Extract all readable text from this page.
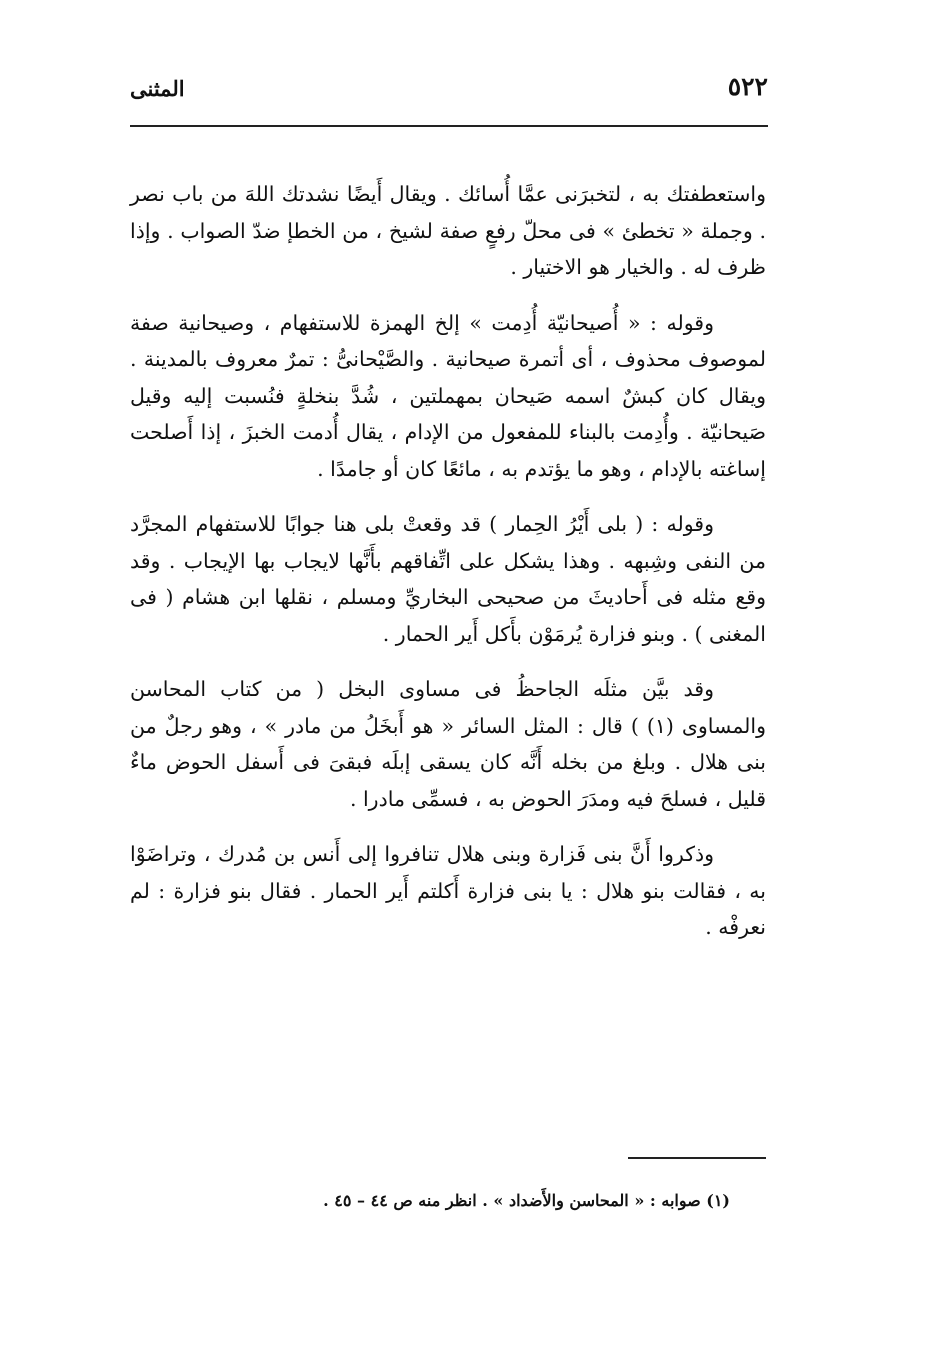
٥٢٢
المثنى

واستعطفتك به ، لتخبرَنى عمَّا أُسائك . ويقال أَيضًا نشدتك اللهَ من باب نصر . وجملة « تخطئ » فى محلّ رفعٍ صفة لشيخ ، من الخطإ ضدّ الصواب . وإذا ظرف له . والخيار هو الاختيار .

وقوله : « أُصيحانيّة أُدِمت » إلخ الهمزة للاستفهام ، وصيحانية صفة لموصوف محذوف ، أى أتمرة صيحانية . والصَّيْحانىُّ : تمرٌ معروف بالمدينة . ويقال كان كبشٌ اسمه صَيحان بمهملتين ، شُدَّ بنخلةٍ فنُسبت إليه وقيل صَيحانيّة . وأُدِمت بالبناء للمفعول من الإدام ، يقال أُدمت الخبزَ ، إذا أَصلحت إساغته بالإدام ، وهو ما يؤتدم به ، مائعًا كان أو جامدًا .

وقوله : ( بلى أَيْرُ الحِمار ) قد وقعتْ بلى هنا جوابًا للاستفهام المجرَّد من النفى وشِبهه . وهذا يشكل على اتِّفاقهم بأَنَّها لايجاب بها الإيجاب . وقد وقع مثله فى أَحاديثَ من صحيحى البخاريِّ ومسلم ، نقلها ابن هشام ( فى المغنى ) . وبنو فزارة يُرمَوْن بأَكل أَير الحمار .

وقد بيَّن مثلَه الجاحظُ فى مساوى البخل ( من كتاب المحاسن والمساوى (١) ) قال : المثل السائر « هو أَبخَلُ من مادر » ، وهو رجلٌ من بنى هلال . وبلغ من بخله أَنَّه كان يسقى إبلَه فبقىَ فى أَسفل الحوض ماءٌ قليل ، فسلحَ فيه ومدَرَ الحوض به ، فسمِّى مادرا .

وذكروا أَنَّ بنى فَزارة وبنى هلال تنافروا إلى أَنس بن مُدرك ، وتراضَوْا به ، فقالت بنو هلال : يا بنى فزارة أَكلتم أَير الحمار . فقال بنو فزارة : لم نعرفْه .

(١) صوابه : « المحاسن والأَضداد » . انظر منه ص ٤٤ – ٤٥ .
